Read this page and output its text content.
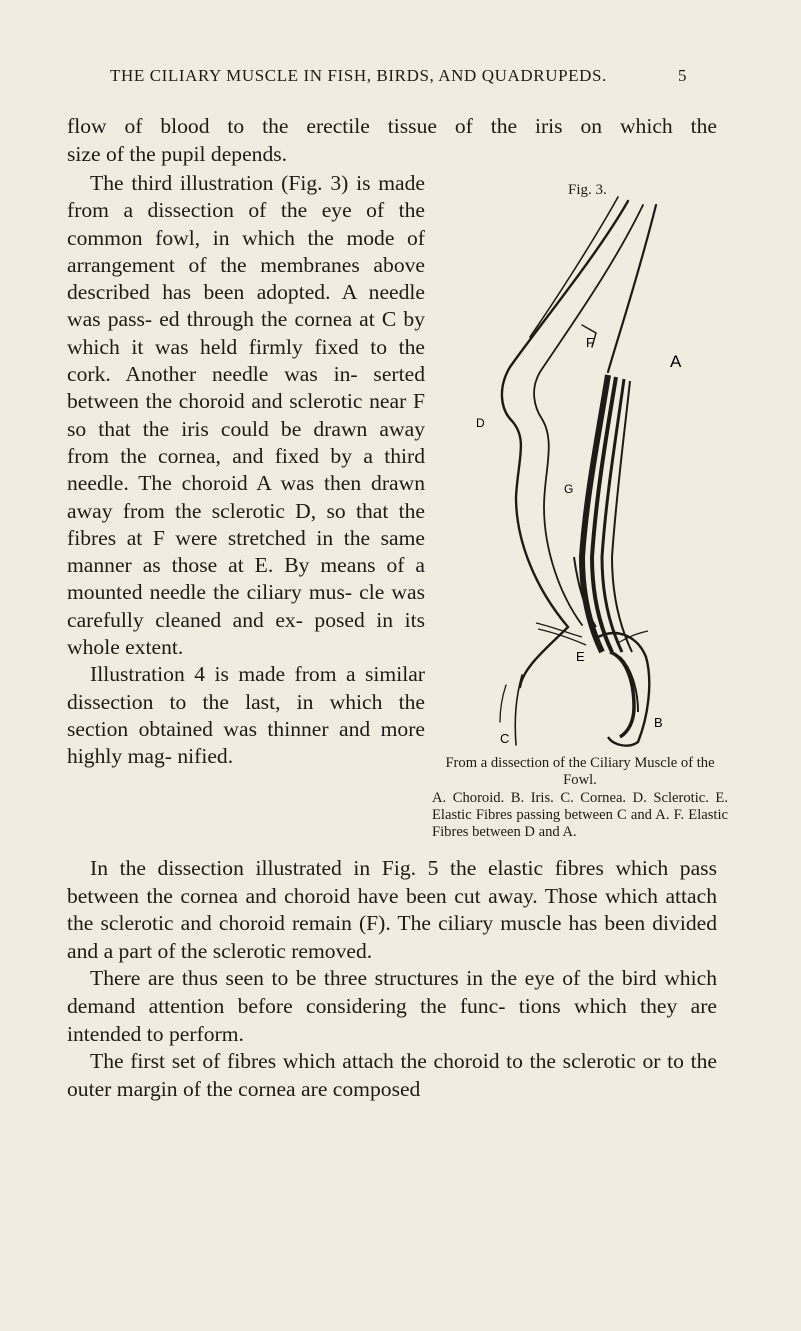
THE CILIARY MUSCLE IN FISH, BIRDS, AND QUADRUPEDS.	5

flow of blood to the erectile tissue of the iris on which the

size of the pupil depends.

The third illustration (Fig. 3) is made from a dissection of the eye of the common fowl, in which the mode of arrangement of the membranes above described has been adopted. A needle was pass- ed through the cornea at C by which it was held firmly fixed to the cork. Another needle was in- serted between the choroid and sclerotic near F so that the iris could be drawn away from the cornea, and fixed by a third needle. The choroid A was then drawn away from the sclerotic D, so that the fibres at F were stretched in the same manner as those at E. By means of a mounted needle the ciliary mus- cle was carefully cleaned and ex- posed in its whole extent.

Illustration 4 is made from a similar dissection to the last, in which the section obtained was thinner and more highly mag- nified.

Fig. 3.
F
A
D
G
E
C
B
From a dissection of the Ciliary Muscle of the Fowl.
A. Choroid. B. Iris. C. Cornea. D. Sclerotic. E. Elastic Fibres passing between C and A. F. Elastic Fibres between D and A.

In the dissection illustrated in Fig. 5 the elastic fibres which pass between the cornea and choroid have been cut away. Those which attach the sclerotic and choroid remain (F). The ciliary muscle has been divided and a part of the sclerotic removed.

There are thus seen to be three structures in the eye of the bird which demand attention before considering the func- tions which they are intended to perform.

The first set of fibres which attach the choroid to the sclerotic or to the outer margin of the cornea are composed
